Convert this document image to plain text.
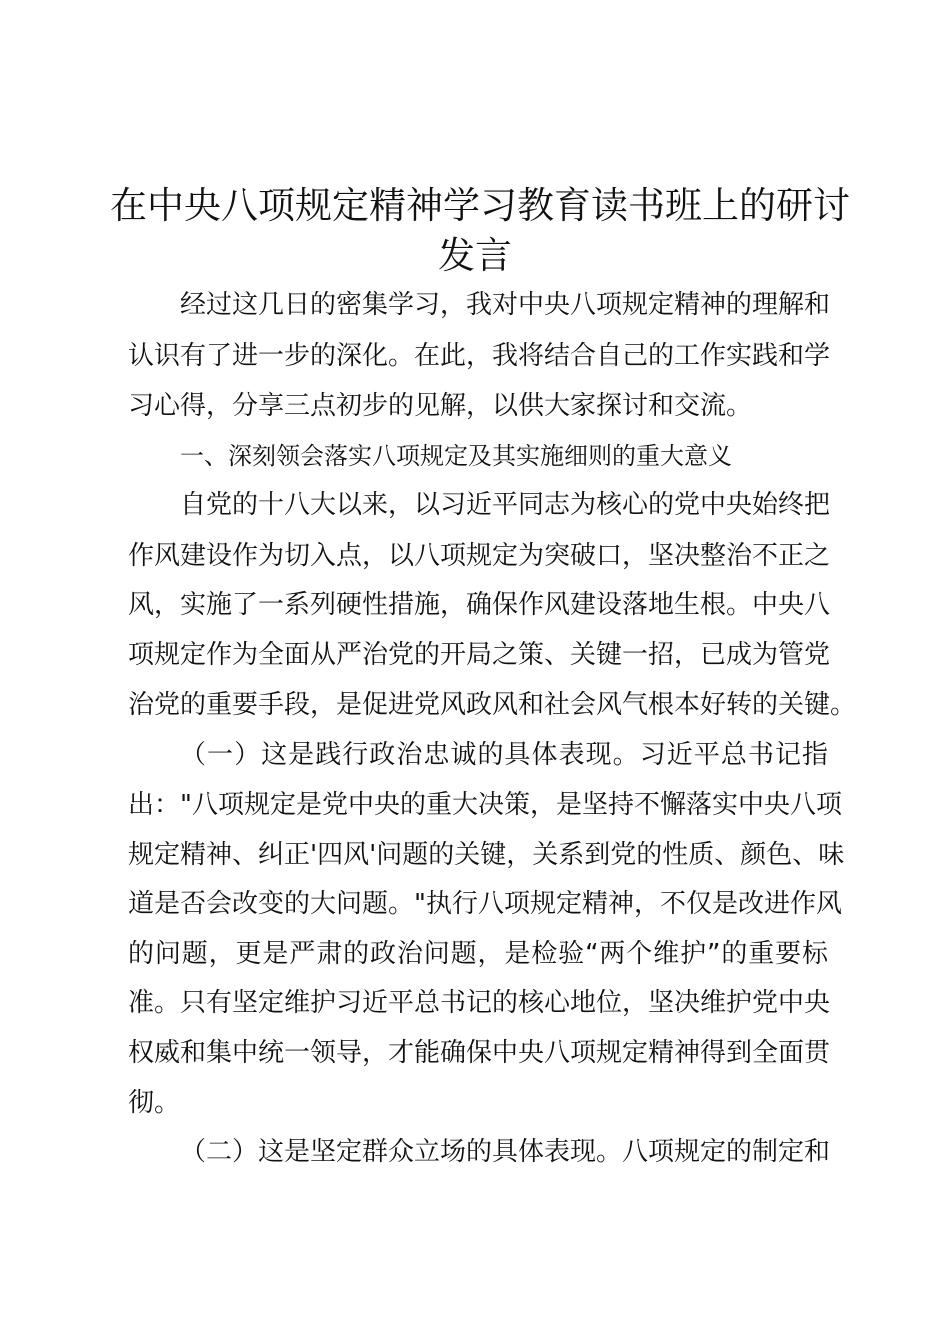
在中央八项规定精神学习教育读书班上的研讨
发言

经过这几日的密集学习，我对中央八项规定精神的理解和

认识有了进一步的深化。在此，我将结合自己的工作实践和学

习心得，分享三点初步的见解，以供大家探讨和交流。

一、深刻领会落实八项规定及其实施细则的重大意义

自党的十八大以来，以习近平同志为核心的党中央始终把

作风建设作为切入点，以八项规定为突破口，坚决整治不正之

风，实施了一系列硬性措施，确保作风建设落地生根。中央八

项规定作为全面从严治党的开局之策、关键一招，已成为管党

治党的重要手段，是促进党风政风和社会风气根本好转的关键。

（一）这是践行政治忠诚的具体表现。习近平总书记指

出："八项规定是党中央的重大决策，是坚持不懈落实中央八项

规定精神、纠正'四风'问题的关键，关系到党的性质、颜色、味

道是否会改变的大问题。"执行八项规定精神，不仅是改进作风

的问题，更是严肃的政治问题，是检验“两个维护”的重要标

准。只有坚定维护习近平总书记的核心地位，坚决维护党中央

权威和集中统一领导，才能确保中央八项规定精神得到全面贯

彻。

（二）这是坚定群众立场的具体表现。八项规定的制定和
